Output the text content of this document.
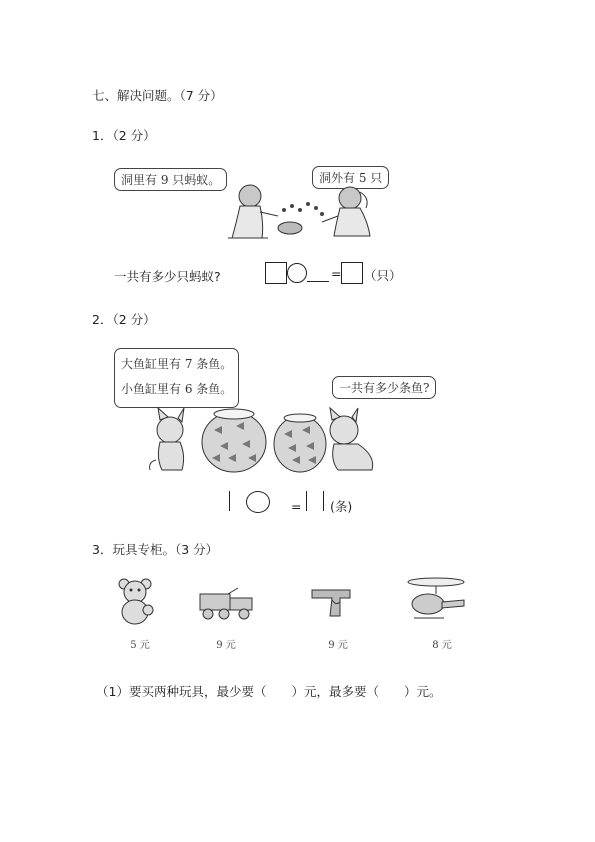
七、解决问题。（7 分）
1．（2 分）
洞里有 9 只蚂蚁。	洞外有 5 只
一共有多少只蚂蚁?	= （只）
2．（2 分）
大鱼缸里有 7 条鱼。
小鱼缸里有 6 条鱼。	一共有多少条鱼?
= (条)
3．玩具专柜。（3 分）
5 元	9 元	9 元	8 元
（1）要买两种玩具，最少要（　　）元，最多要（　　）元。
